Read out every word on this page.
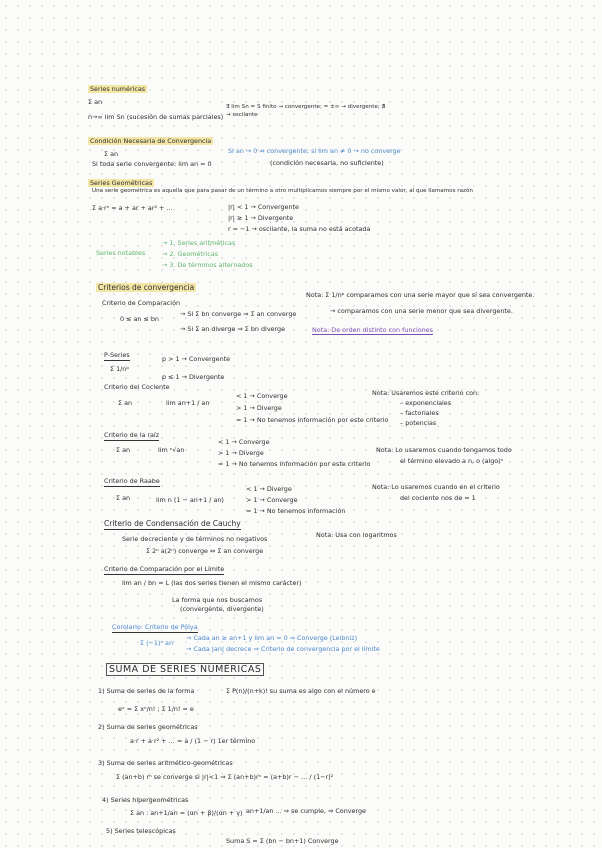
Series numéricas
Σ an
n→∞ lim Sn (sucesión de sumas parciales)
∃ lim Sn = S finito → convergente; = ±∞ → divergente; ∄ → oscilante
Condición Necesaria de Convergencia
Σ an
Si toda serie convergente: lim an = 0
Si an → 0 ⇏ convergente; si lim an ≠ 0 → no converge
(condición necesaria, no suficiente)
Series Geométricas
Una serie geométrica es aquella que para pasar de un término a otro multiplicamos siempre por el mismo valor, al que llamamos razón
Σ a·rⁿ = a + ar + ar² + …	|r| < 1 → Convergente
|r| ≥ 1 → Divergente
r = −1 → oscilante, la suma no está acotada
Series notables
→ 1. Series aritméticas
→ 2. Geométricas
→ 3. De términos alternados
Criterios de convergencia
Criterio de Comparación
0 ≤ an ≤ bn
→ Si Σ bn converge ⇒ Σ an converge
→ Si Σ an diverge ⇒ Σ bn diverge
Nota: Σ 1/nᵖ comparamos con una serie mayor que sí sea convergente.
→ comparamos con una serie menor que sea divergente.
Nota: De orden distinto con funciones
P-Series
Σ 1/nᵖ
p > 1 → Convergente
p ≤ 1 → Divergente
Criterio del Cociente
Σ an	lim an+1 / an
< 1 → Converge
> 1 → Diverge
= 1 → No tenemos información por este criterio
Nota: Usaremos este criterio con:
– exponenciales
– factoriales
– potencias
Criterio de la raíz
Σ an	lim ⁿ√an
< 1 → Converge
> 1 → Diverge
= 1 → No tenemos información por este criterio
Nota: Lo usaremos cuando tengamos todo
el término elevado a n, o (algo)ⁿ
Criterio de Raabe
Σ an	lim n (1 − an+1 / an)
< 1 → Diverge
> 1 → Converge
= 1 → No tenemos información
Nota: Lo usaremos cuando en el criterio
del cociente nos de = 1
Criterio de Condensación de Cauchy
Serie decreciente y de términos no negativos
Σ 2ⁿ a(2ⁿ) converge ⇔ Σ an converge
Nota: Usa con logaritmos
Criterio de Comparación por el Límite
lim an / bn = L (las dos series tienen el mismo carácter)
La forma que nos buscamos
(convergente, divergente)
Corolario: Criterio de Pólya
Σ (−1)ⁿ an
→ Cada an ≥ an+1 y lim an = 0 ⇒ Converge (Leibniz)
→ Cada |an| decrece ⇒ Criterio de convergencia por el límite
SUMA DE SERIES NUMÉRICAS
1) Suma de series de la forma	Σ P(n)/(n+k)! su suma es algo con el número e
eˣ = Σ xⁿ/n! ; Σ 1/n! = e
2) Suma de series geométricas
a·r + a·r² + … = a / (1 − r) 1er término
3) Suma de series aritmético-geométricas
Σ (an+b) rⁿ se converge si |r|<1 ⇒ Σ (an+b)rⁿ = (a+b)r − … / (1−r)²
4) Series hipergeométricas
Σ an : an+1/an = (αn + β)/(αn + γ) an+1/an ... ⇒ se cumple, ⇒ Converge
5) Series telescópicas
Suma S = Σ (bn − bn+1) Converge
